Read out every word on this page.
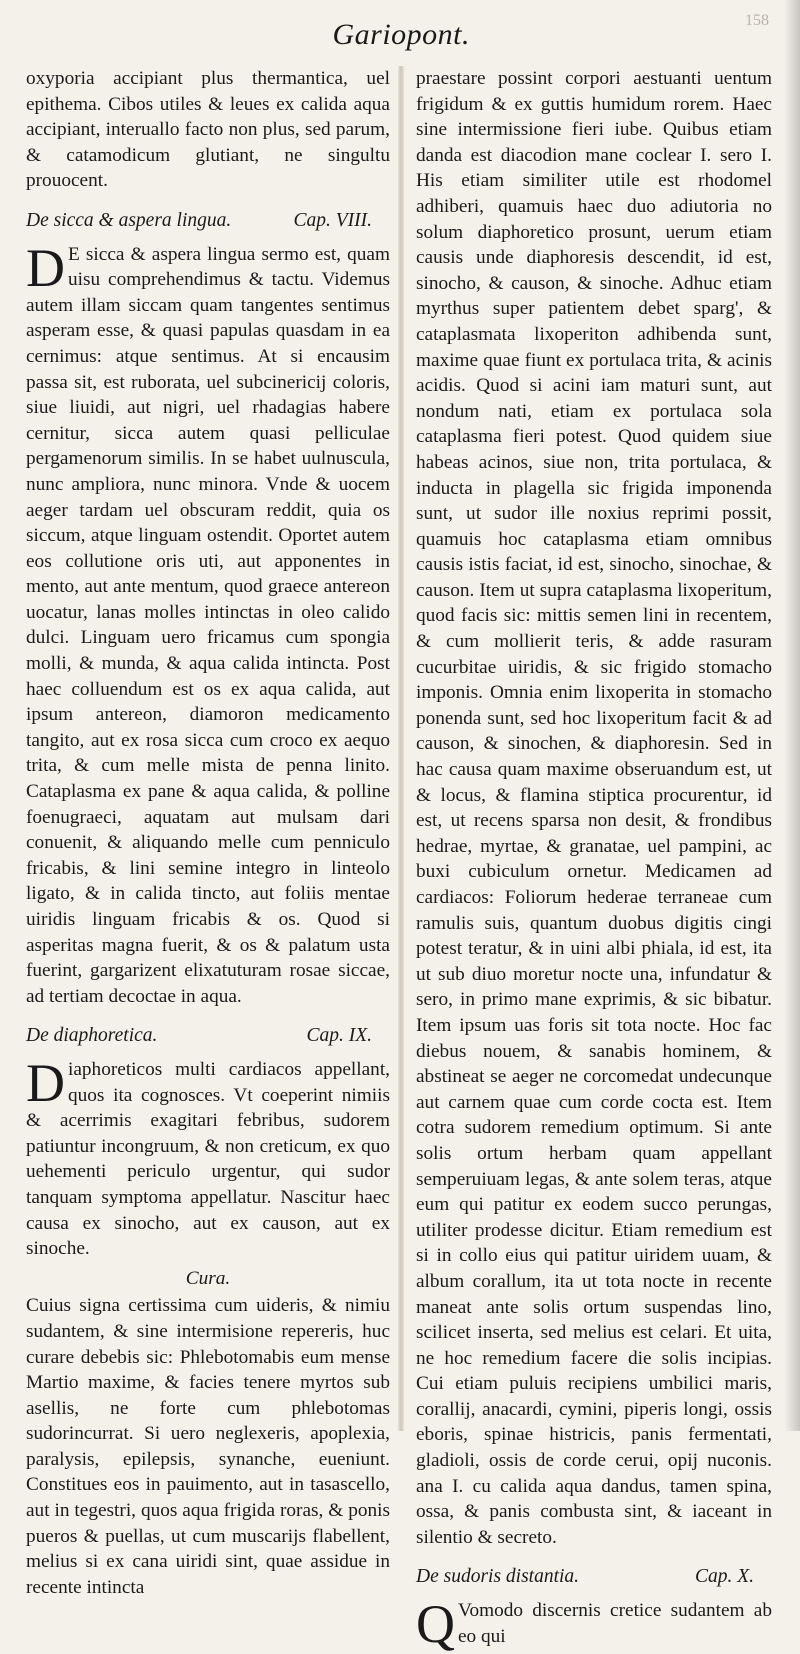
158
Gariopont.

oxyporia accipiant plus thermantica, uel epithema. Cibos utiles & leues ex calida aqua accipiant, interuallo facto non plus, sed parum, & catamodicum glutiant, ne singultu prouocent.

De sicca & aspera lingua.	Cap. VIII.

DE sicca & aspera lingua sermo est, quam uisu comprehendimus & tactu. Videmus autem illam siccam quam tangentes sentimus asperam esse, & quasi papulas quasdam in ea cernimus: atque sentimus. At si encausim passa sit, est ruborata, uel subcinericij coloris, siue liuidi, aut nigri, uel rhadagias habere cernitur, sicca autem quasi pelliculae pergamenorum similis. In se habet uulnuscula, nunc ampliora, nunc minora. Vnde & uocem aeger tardam uel obscuram reddit, quia os siccum, atque linguam ostendit. Oportet autem eos collutione oris uti, aut apponentes in mento, aut ante mentum, quod graece antereon uocatur, lanas molles intinctas in oleo calido dulci. Linguam uero fricamus cum spongia molli, & munda, & aqua calida intincta. Post haec colluendum est os ex aqua calida, aut ipsum antereon, diamoron medicamento tangito, aut ex rosa sicca cum croco ex aequo trita, & cum melle mista de penna linito. Cataplasma ex pane & aqua calida, & polline foenugraeci, aquatam aut mulsam dari conuenit, & aliquando melle cum penniculo fricabis, & lini semine integro in linteolo ligato, & in calida tincto, aut foliis mentae uiridis linguam fricabis & os. Quod si asperitas magna fuerit, & os & palatum usta fuerint, gargarizent elixatuturam rosae siccae, ad tertiam decoctae in aqua.

De diaphoretica.	Cap. IX.

Diaphoreticos multi cardiacos appellant, quos ita cognosces. Vt coeperint nimiis & acerrimis exagitari febribus, sudorem patiuntur incongruum, & non creticum, ex quo uehementi periculo urgentur, qui sudor tanquam symptoma appellatur. Nascitur haec causa ex sinocho, aut ex causon, aut ex sinoche.

Cura.

Cuius signa certissima cum uideris, & nimiu sudantem, & sine intermisione repereris, huc curare debebis sic: Phlebotomabis eum mense Martio maxime, & facies tenere myrtos sub asellis, ne forte cum phlebotomas sudorincurrat. Si uero neglexeris, apoplexia, paralysis, epilepsis, synanche, eueniunt. Constitues eos in pauimento, aut in tasascello, aut in tegestri, quos aqua frigida roras, & ponis pueros & puellas, ut cum muscarijs flabellent, melius si ex cana uiridi sint, quae assidue in recente intincta

praestare possint corpori aestuanti uentum frigidum & ex guttis humidum rorem. Haec sine intermissione fieri iube. Quibus etiam danda est diacodion mane coclear I. sero I. His etiam similiter utile est rhodomel adhiberi, quamuis haec duo adiutoria no solum diaphoretico prosunt, uerum etiam causis unde diaphoresis descendit, id est, sinocho, & causon, & sinoche. Adhuc etiam myrthus super patientem debet sparg', & cataplasmata lixoperiton adhibenda sunt, maxime quae fiunt ex portulaca trita, & acinis acidis. Quod si acini iam maturi sunt, aut nondum nati, etiam ex portulaca sola cataplasma fieri potest. Quod quidem siue habeas acinos, siue non, trita portulaca, & inducta in plagella sic frigida imponenda sunt, ut sudor ille noxius reprimi possit, quamuis hoc cataplasma etiam omnibus causis istis faciat, id est, sinocho, sinochae, & causon. Item ut supra cataplasma lixoperitum, quod facis sic: mittis semen lini in recentem, & cum mollierit teris, & adde rasuram cucurbitae uiridis, & sic frigido stomacho imponis. Omnia enim lixoperita in stomacho ponenda sunt, sed hoc lixoperitum facit & ad causon, & sinochen, & diaphoresin. Sed in hac causa quam maxime obseruandum est, ut & locus, & flamina stiptica procurentur, id est, ut recens sparsa non desit, & frondibus hedrae, myrtae, & granatae, uel pampini, ac buxi cubiculum ornetur. Medicamen ad cardiacos: Foliorum hederae terraneae cum ramulis suis, quantum duobus digitis cingi potest teratur, & in uini albi phiala, id est, ita ut sub diuo moretur nocte una, infundatur & sero, in primo mane exprimis, & sic bibatur. Item ipsum uas foris sit tota nocte. Hoc fac diebus nouem, & sanabis hominem, & abstineat se aeger ne corcomedat undecunque aut carnem quae cum corde cocta est. Item cotra sudorem remedium optimum. Si ante solis ortum herbam quam appellant semperuiuam legas, & ante solem teras, atque eum qui patitur ex eodem succo perungas, utiliter prodesse dicitur. Etiam remedium est si in collo eius qui patitur uiridem uuam, & album corallum, ita ut tota nocte in recente maneat ante solis ortum suspendas lino, scilicet inserta, sed melius est celari. Et uita, ne hoc remedium facere die solis incipias. Cui etiam puluis recipiens umbilici maris, corallij, anacardi, cymini, piperis longi, ossis eboris, spinae histricis, panis fermentati, gladioli, ossis de corde cerui, opij nuconis. ana I. cu calida aqua dandus, tamen spina, ossa, & panis combusta sint, & iaceant in silentio & secreto.

De sudoris distantia.	Cap. X.

QVomodo discernis cretice sudantem ab eo qui
